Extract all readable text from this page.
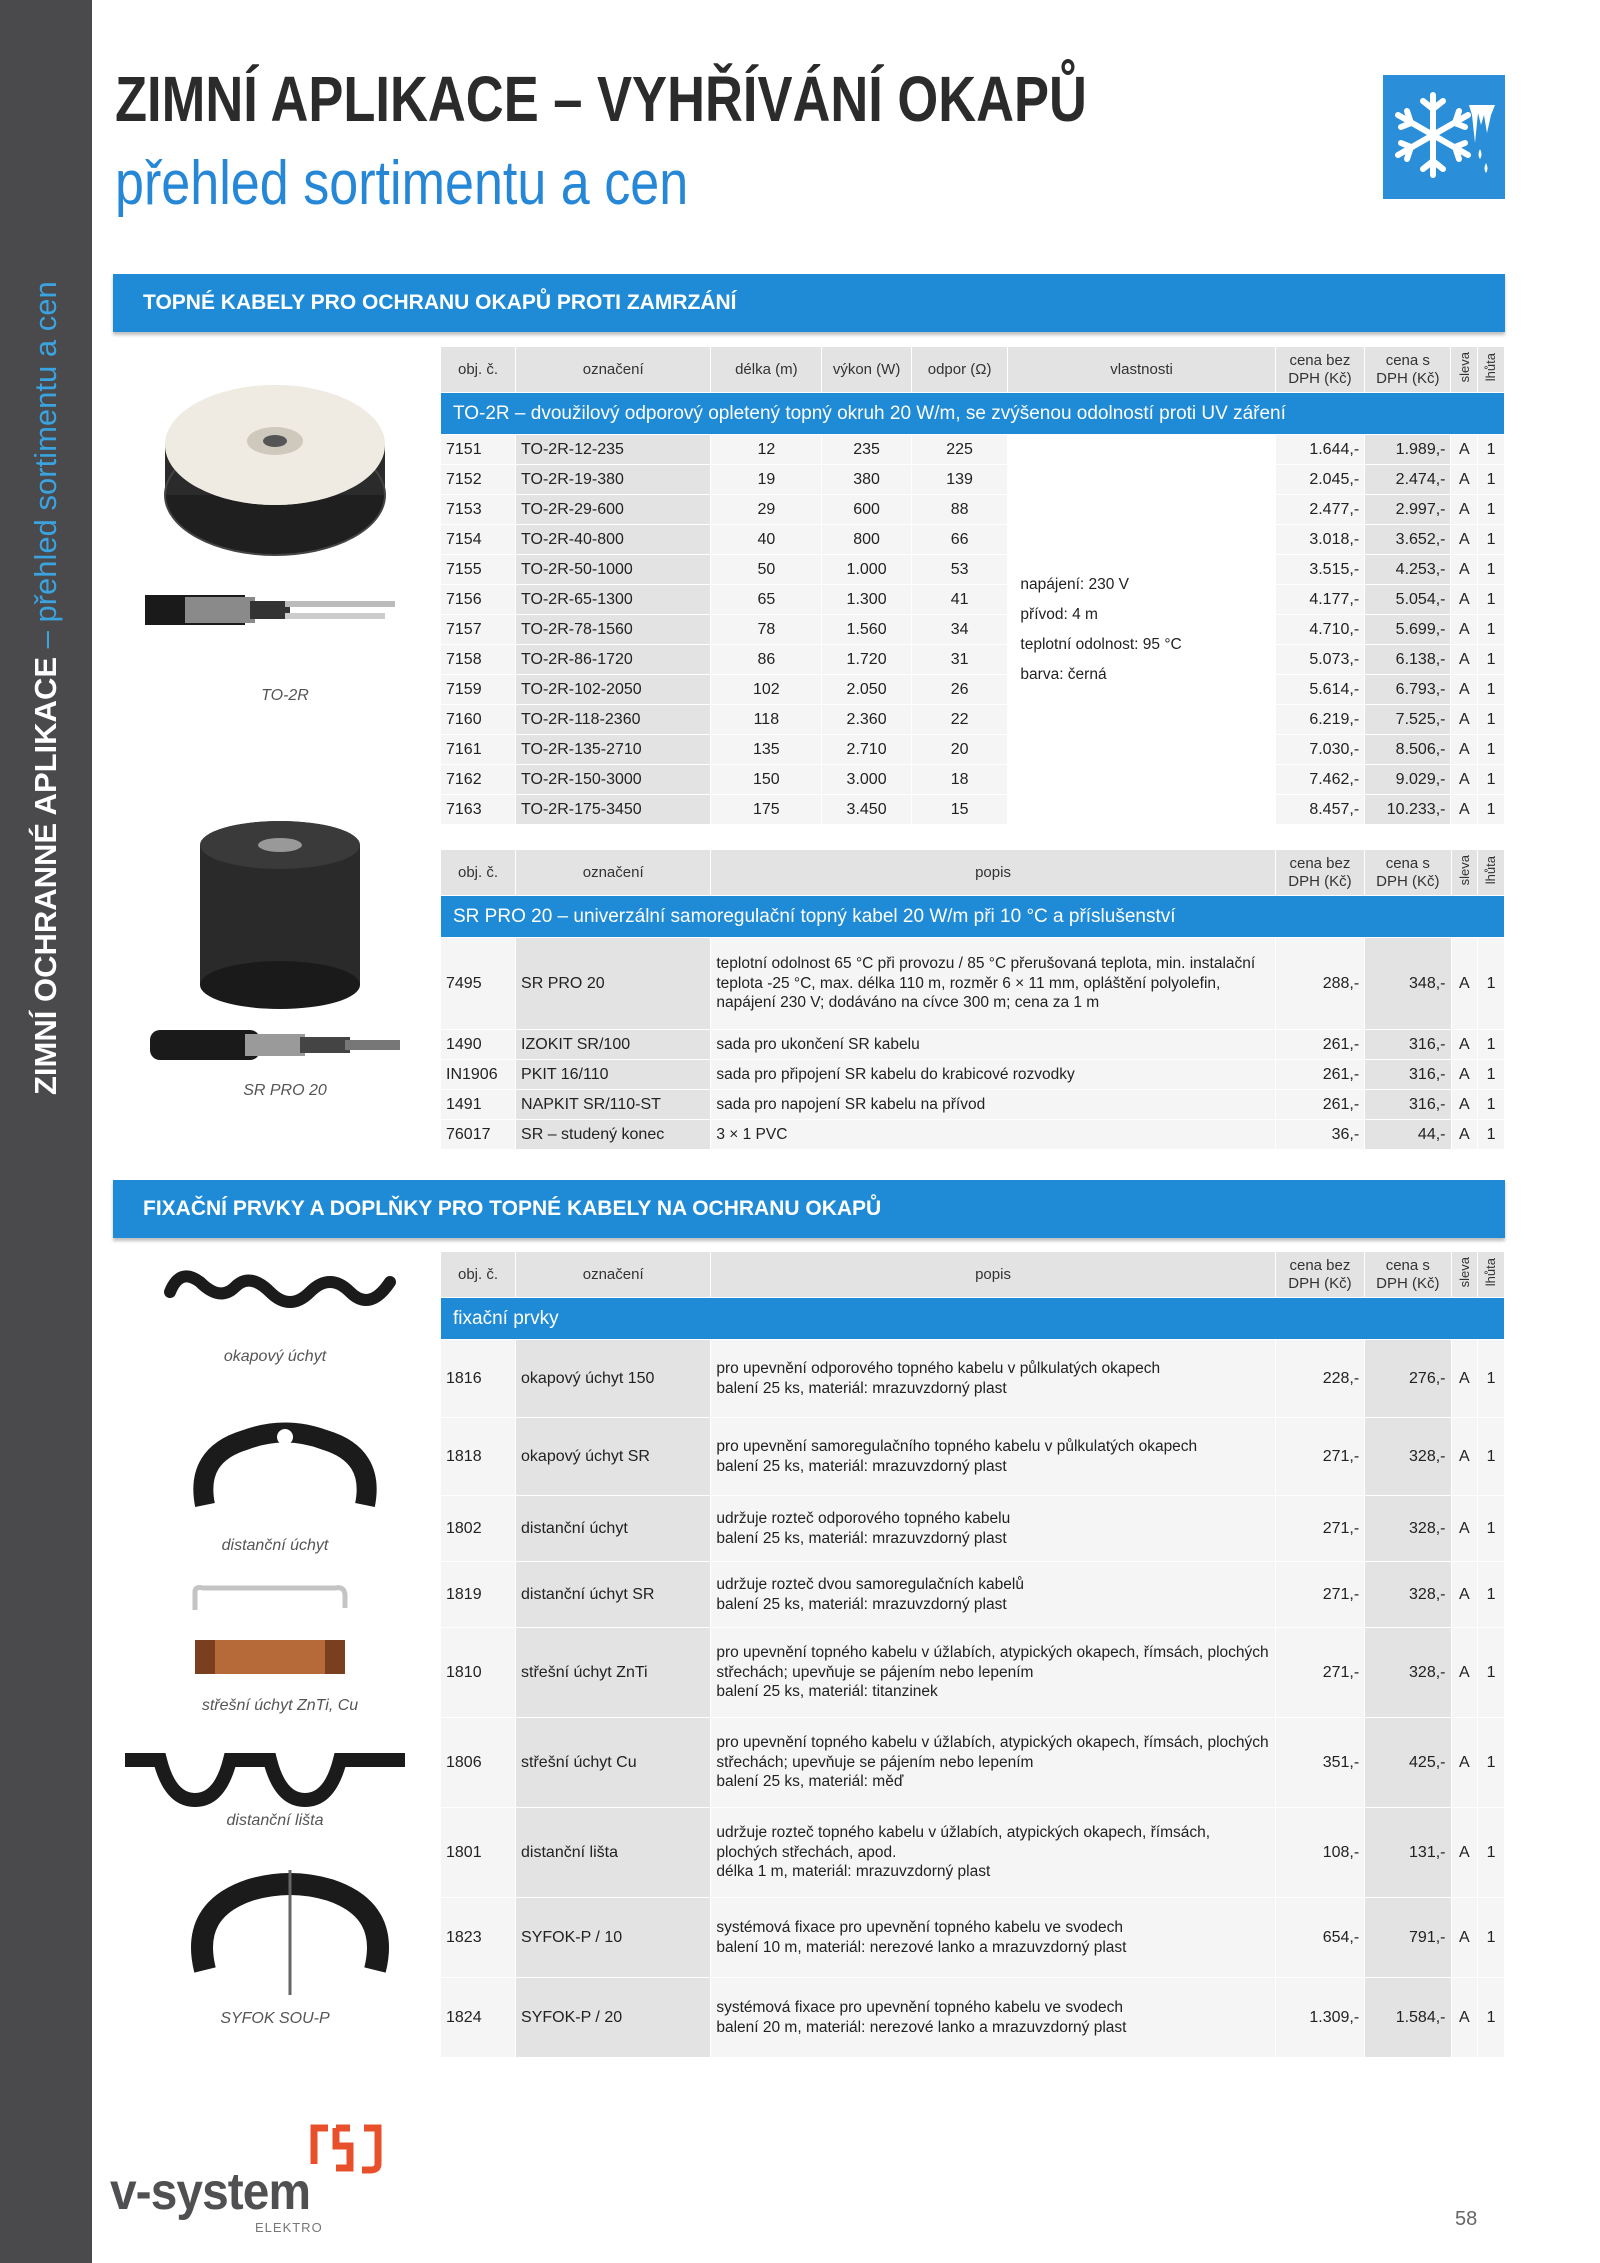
ZIMNÍ OCHRANNÉ APLIKACE – přehled sortimentu a cen
ZIMNÍ APLIKACE – VYHŘÍVÁNÍ OKAPŮ
přehled sortimentu a cen
TOPNÉ KABELY PRO OCHRANU OKAPŮ PROTI ZAMRZÁNÍ
TO-2R
SR PRO 20
obj. č.	označení	délka (m)	výkon (W)	odpor (Ω)	vlastnosti	cena bez DPH (Kč)	cena s DPH (Kč)	sleva	lhůta
TO-2R – dvoužilový odporový opletený topný okruh 20 W/m, se zvýšenou odolností proti UV záření									
7151	TO-2R-12-235	12	235	225	napájení: 230 V
přívod: 4 m
teplotní odolnost: 95 °C
barva: černá	1.644,-	1.989,-	A	1
7152	TO-2R-19-380	19	380	139		2.045,-	2.474,-	A	1
7153	TO-2R-29-600	29	600	88		2.477,-	2.997,-	A	1
7154	TO-2R-40-800	40	800	66		3.018,-	3.652,-	A	1
7155	TO-2R-50-1000	50	1.000	53		3.515,-	4.253,-	A	1
7156	TO-2R-65-1300	65	1.300	41		4.177,-	5.054,-	A	1
7157	TO-2R-78-1560	78	1.560	34		4.710,-	5.699,-	A	1
7158	TO-2R-86-1720	86	1.720	31		5.073,-	6.138,-	A	1
7159	TO-2R-102-2050	102	2.050	26		5.614,-	6.793,-	A	1
7160	TO-2R-118-2360	118	2.360	22		6.219,-	7.525,-	A	1
7161	TO-2R-135-2710	135	2.710	20		7.030,-	8.506,-	A	1
7162	TO-2R-150-3000	150	3.000	18		7.462,-	9.029,-	A	1
7163	TO-2R-175-3450	175	3.450	15		8.457,-	10.233,-	A	1
obj. č.	označení	popis	cena bez DPH (Kč)	cena s DPH (Kč)	sleva	lhůta
SR PRO 20 – univerzální samoregulační topný kabel 20 W/m při 10 °C a příslušenství						
7495	SR PRO 20	teplotní odolnost 65 °C při provozu / 85 °C přerušovaná teplota, min. instalační teplota -25 °C, max. délka 110 m, rozměr 6 × 11 mm, opláštění polyolefin, napájení 230 V; dodáváno na cívce 300 m; cena za 1 m	288,-	348,-	A	1
1490	IZOKIT SR/100	sada pro ukončení SR kabelu	261,-	316,-	A	1
IN1906	PKIT 16/110	sada pro připojení SR kabelu do krabicové rozvodky	261,-	316,-	A	1
1491	NAPKIT SR/110-ST	sada pro napojení SR kabelu na přívod	261,-	316,-	A	1
76017	SR – studený konec	3 × 1 PVC	36,-	44,-	A	1
FIXAČNÍ PRVKY A DOPLŇKY PRO TOPNÉ KABELY NA OCHRANU OKAPŮ
okapový úchyt
distanční úchyt
střešní úchyt ZnTi, Cu
distanční lišta
SYFOK SOU-P
obj. č.	označení	popis	cena bez DPH (Kč)	cena s DPH (Kč)	sleva	lhůta
fixační prvky						
1816	okapový úchyt 150	pro upevnění odporového topného kabelu v půlkulatých okapech
balení 25 ks, materiál: mrazuvzdorný plast	228,-	276,-	A	1
1818	okapový úchyt SR	pro upevnění samoregulačního topného kabelu v půlkulatých okapech
balení 25 ks, materiál: mrazuvzdorný plast	271,-	328,-	A	1
1802	distanční úchyt	udržuje rozteč odporového topného kabelu
balení 25 ks, materiál: mrazuvzdorný plast	271,-	328,-	A	1
1819	distanční úchyt SR	udržuje rozteč dvou samoregulačních kabelů
balení 25 ks, materiál: mrazuvzdorný plast	271,-	328,-	A	1
1810	střešní úchyt ZnTi	pro upevnění topného kabelu v úžlabích, atypických okapech, římsách, plochých střechách; upevňuje se pájením nebo lepením
balení 25 ks, materiál: titanzinek	271,-	328,-	A	1
1806	střešní úchyt Cu	pro upevnění topného kabelu v úžlabích, atypických okapech, římsách, plochých střechách; upevňuje se pájením nebo lepením
balení 25 ks, materiál: měď	351,-	425,-	A	1
1801	distanční lišta	udržuje rozteč topného kabelu v úžlabích, atypických okapech, římsách, plochých střechách, apod.
délka 1 m, materiál: mrazuvzdorný plast	108,-	131,-	A	1
1823	SYFOK-P / 10	systémová fixace pro upevnění topného kabelu ve svodech
balení 10 m, materiál: nerezové lanko a mrazuvzdorný plast	654,-	791,-	A	1
1824	SYFOK-P / 20	systémová fixace pro upevnění topného kabelu ve svodech
balení 20 m, materiál: nerezové lanko a mrazuvzdorný plast	1.309,-	1.584,-	A	1
v-system
ELEKTRO	58
